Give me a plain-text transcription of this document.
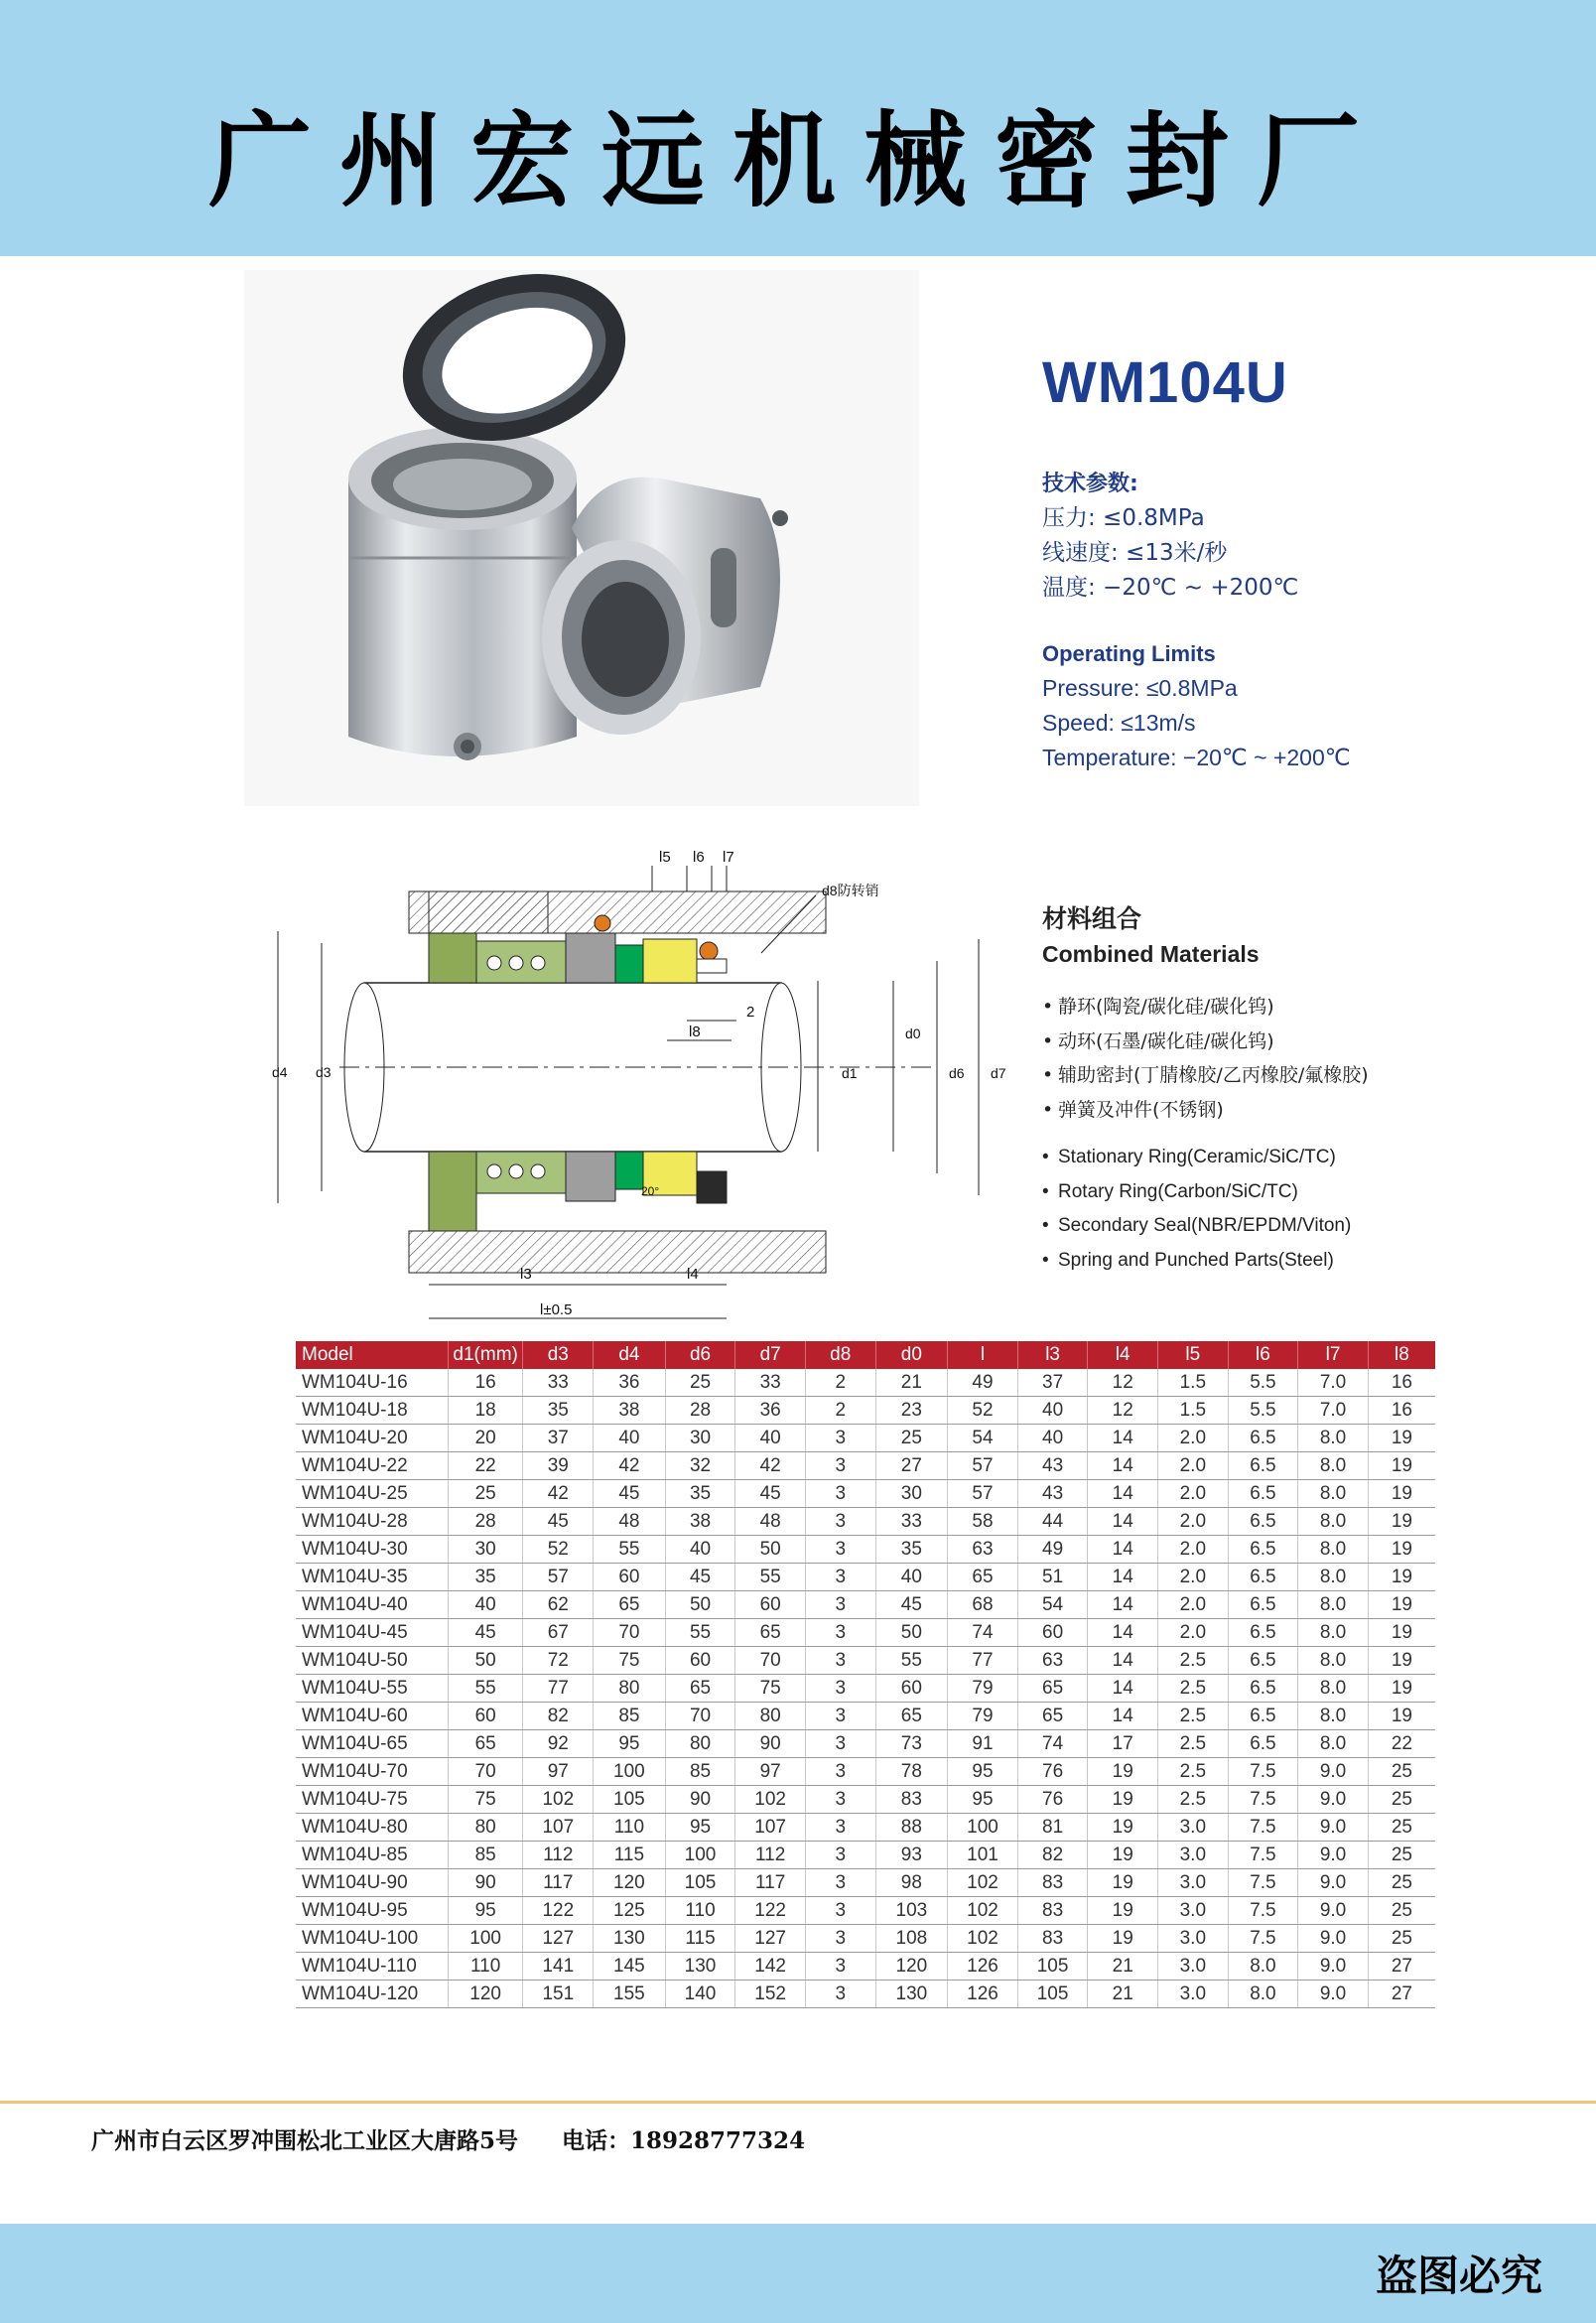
广州宏远机械密封厂
WM104U
技术参数:
压力: ≤0.8MPa
线速度: ≤13米/秒
温度: −20℃ ~ +200℃
Operating Limits
Pressure: ≤0.8MPa
Speed: ≤13m/s
Temperature: −20℃ ~ +200℃
l5 l6 l7
d8防转销
d4 d3	d1
d0
d6 d7
l8
2
20°
l3	l4
l±0.5
材料组合
Combined Materials
• 静环(陶瓷/碳化硅/碳化钨)
• 动环(石墨/碳化硅/碳化钨)
• 辅助密封(丁腈橡胶/乙丙橡胶/氟橡胶)
• 弹簧及冲件(不锈钢)
• Stationary Ring(Ceramic/SiC/TC)
• Rotary Ring(Carbon/SiC/TC)
• Secondary Seal(NBR/EPDM/Viton)
• Spring and Punched Parts(Steel)
Model	d1(mm)	d3	d4	d6	d7	d8	d0	l	l3	l4	l5	l6	l7	l8
WM104U-16	16	33	36	25	33	2	21	49	37	12	1.5	5.5	7.0	16
WM104U-18	18	35	38	28	36	2	23	52	40	12	1.5	5.5	7.0	16
WM104U-20	20	37	40	30	40	3	25	54	40	14	2.0	6.5	8.0	19
WM104U-22	22	39	42	32	42	3	27	57	43	14	2.0	6.5	8.0	19
WM104U-25	25	42	45	35	45	3	30	57	43	14	2.0	6.5	8.0	19
WM104U-28	28	45	48	38	48	3	33	58	44	14	2.0	6.5	8.0	19
WM104U-30	30	52	55	40	50	3	35	63	49	14	2.0	6.5	8.0	19
WM104U-35	35	57	60	45	55	3	40	65	51	14	2.0	6.5	8.0	19
WM104U-40	40	62	65	50	60	3	45	68	54	14	2.0	6.5	8.0	19
WM104U-45	45	67	70	55	65	3	50	74	60	14	2.0	6.5	8.0	19
WM104U-50	50	72	75	60	70	3	55	77	63	14	2.5	6.5	8.0	19
WM104U-55	55	77	80	65	75	3	60	79	65	14	2.5	6.5	8.0	19
WM104U-60	60	82	85	70	80	3	65	79	65	14	2.5	6.5	8.0	19
WM104U-65	65	92	95	80	90	3	73	91	74	17	2.5	6.5	8.0	22
WM104U-70	70	97	100	85	97	3	78	95	76	19	2.5	7.5	9.0	25
WM104U-75	75	102	105	90	102	3	83	95	76	19	2.5	7.5	9.0	25
WM104U-80	80	107	110	95	107	3	88	100	81	19	3.0	7.5	9.0	25
WM104U-85	85	112	115	100	112	3	93	101	82	19	3.0	7.5	9.0	25
WM104U-90	90	117	120	105	117	3	98	102	83	19	3.0	7.5	9.0	25
WM104U-95	95	122	125	110	122	3	103	102	83	19	3.0	7.5	9.0	25
WM104U-100	100	127	130	115	127	3	108	102	83	19	3.0	7.5	9.0	25
WM104U-110	110	141	145	130	142	3	120	126	105	21	3.0	8.0	9.0	27
WM104U-120	120	151	155	140	152	3	130	126	105	21	3.0	8.0	9.0	27
广州市白云区罗冲围松北工业区大唐路5号 电话：18928777324
盗图必究
